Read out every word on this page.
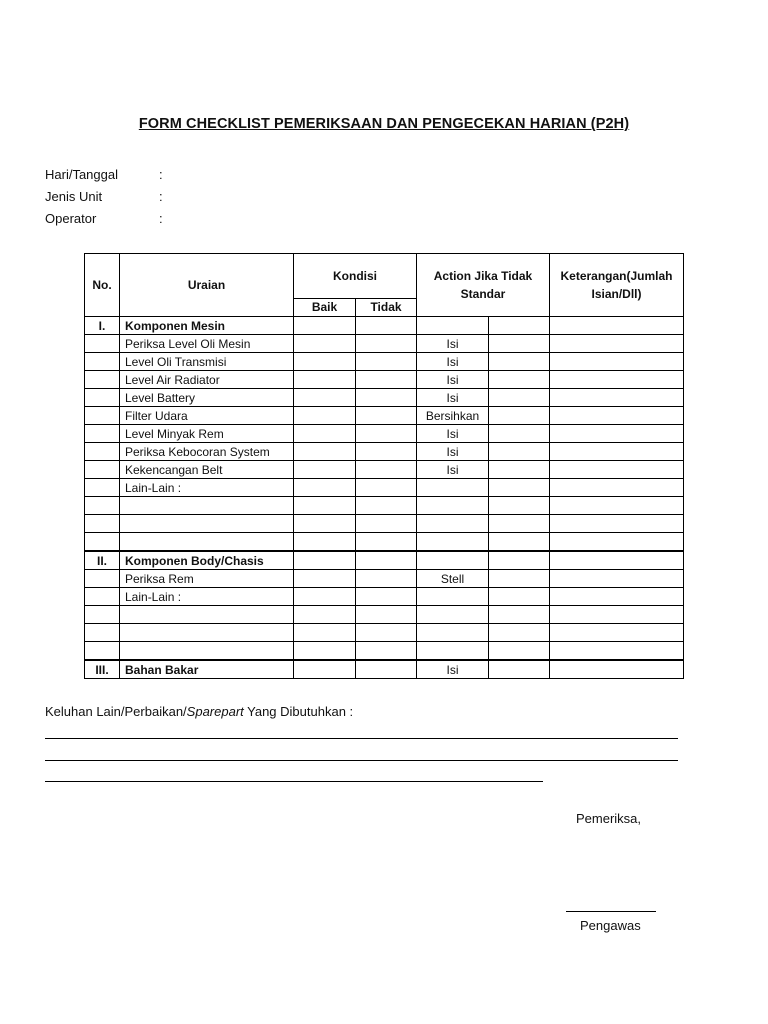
FORM CHECKLIST PEMERIKSAAN DAN PENGECEKAN HARIAN (P2H)
Hari/Tanggal	:
Jenis Unit	:
Operator	:
No.	Uraian	Kondisi		Action Jika Tidak Standar		Keterangan(Jumlah Isian/Dll)
		Baik	Tidak			
I.	Komponen Mesin					
	Periksa Level Oli Mesin			Isi		
	Level Oli Transmisi			Isi		
	Level Air Radiator			Isi		
	Level Battery			Isi		
	Filter Udara			Bersihkan		
	Level Minyak Rem			Isi		
	Periksa Kebocoran System			Isi		
	Kekencangan Belt			Isi		
	Lain-Lain :					

II.	Komponen Body/Chasis					
	Periksa Rem			Stell		
	Lain-Lain :					

III.	Bahan Bakar			Isi		
Keluhan Lain/Perbaikan/Sparepart Yang Dibutuhkan :
Pemeriksa,
Pengawas
